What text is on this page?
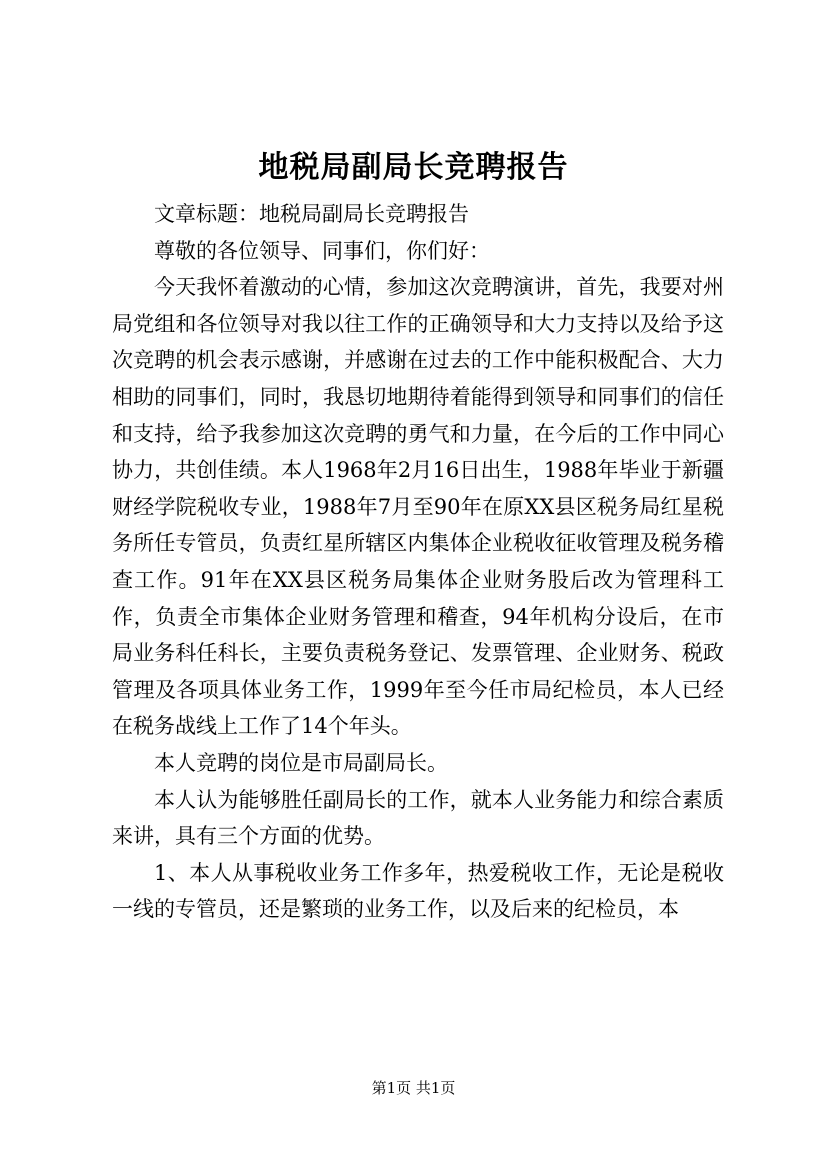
地税局副局长竞聘报告

文章标题：地税局副局长竞聘报告

尊敬的各位领导、同事们，你们好：

今天我怀着激动的心情，参加这次竞聘演讲，首先，我要对州局党组和各位领导对我以往工作的正确领导和大力支持以及给予这次竞聘的机会表示感谢，并感谢在过去的工作中能积极配合、大力相助的同事们，同时，我恳切地期待着能得到领导和同事们的信任和支持，给予我参加这次竞聘的勇气和力量，在今后的工作中同心协力，共创佳绩。本人1968年2月16日出生，1988年毕业于新疆财经学院税收专业，1988年7月至90年在原XX县区税务局红星税务所任专管员，负责红星所辖区内集体企业税收征收管理及税务稽查工作。91年在XX县区税务局集体企业财务股后改为管理科工作，负责全市集体企业财务管理和稽查，94年机构分设后，在市局业务科任科长，主要负责税务登记、发票管理、企业财务、税政管理及各项具体业务工作，1999年至今任市局纪检员，本人已经在税务战线上工作了14个年头。

本人竞聘的岗位是市局副局长。

本人认为能够胜任副局长的工作，就本人业务能力和综合素质来讲，具有三个方面的优势。

1、本人从事税收业务工作多年，热爱税收工作，无论是税收一线的专管员，还是繁琐的业务工作，以及后来的纪检员，本

第1页 共1页
